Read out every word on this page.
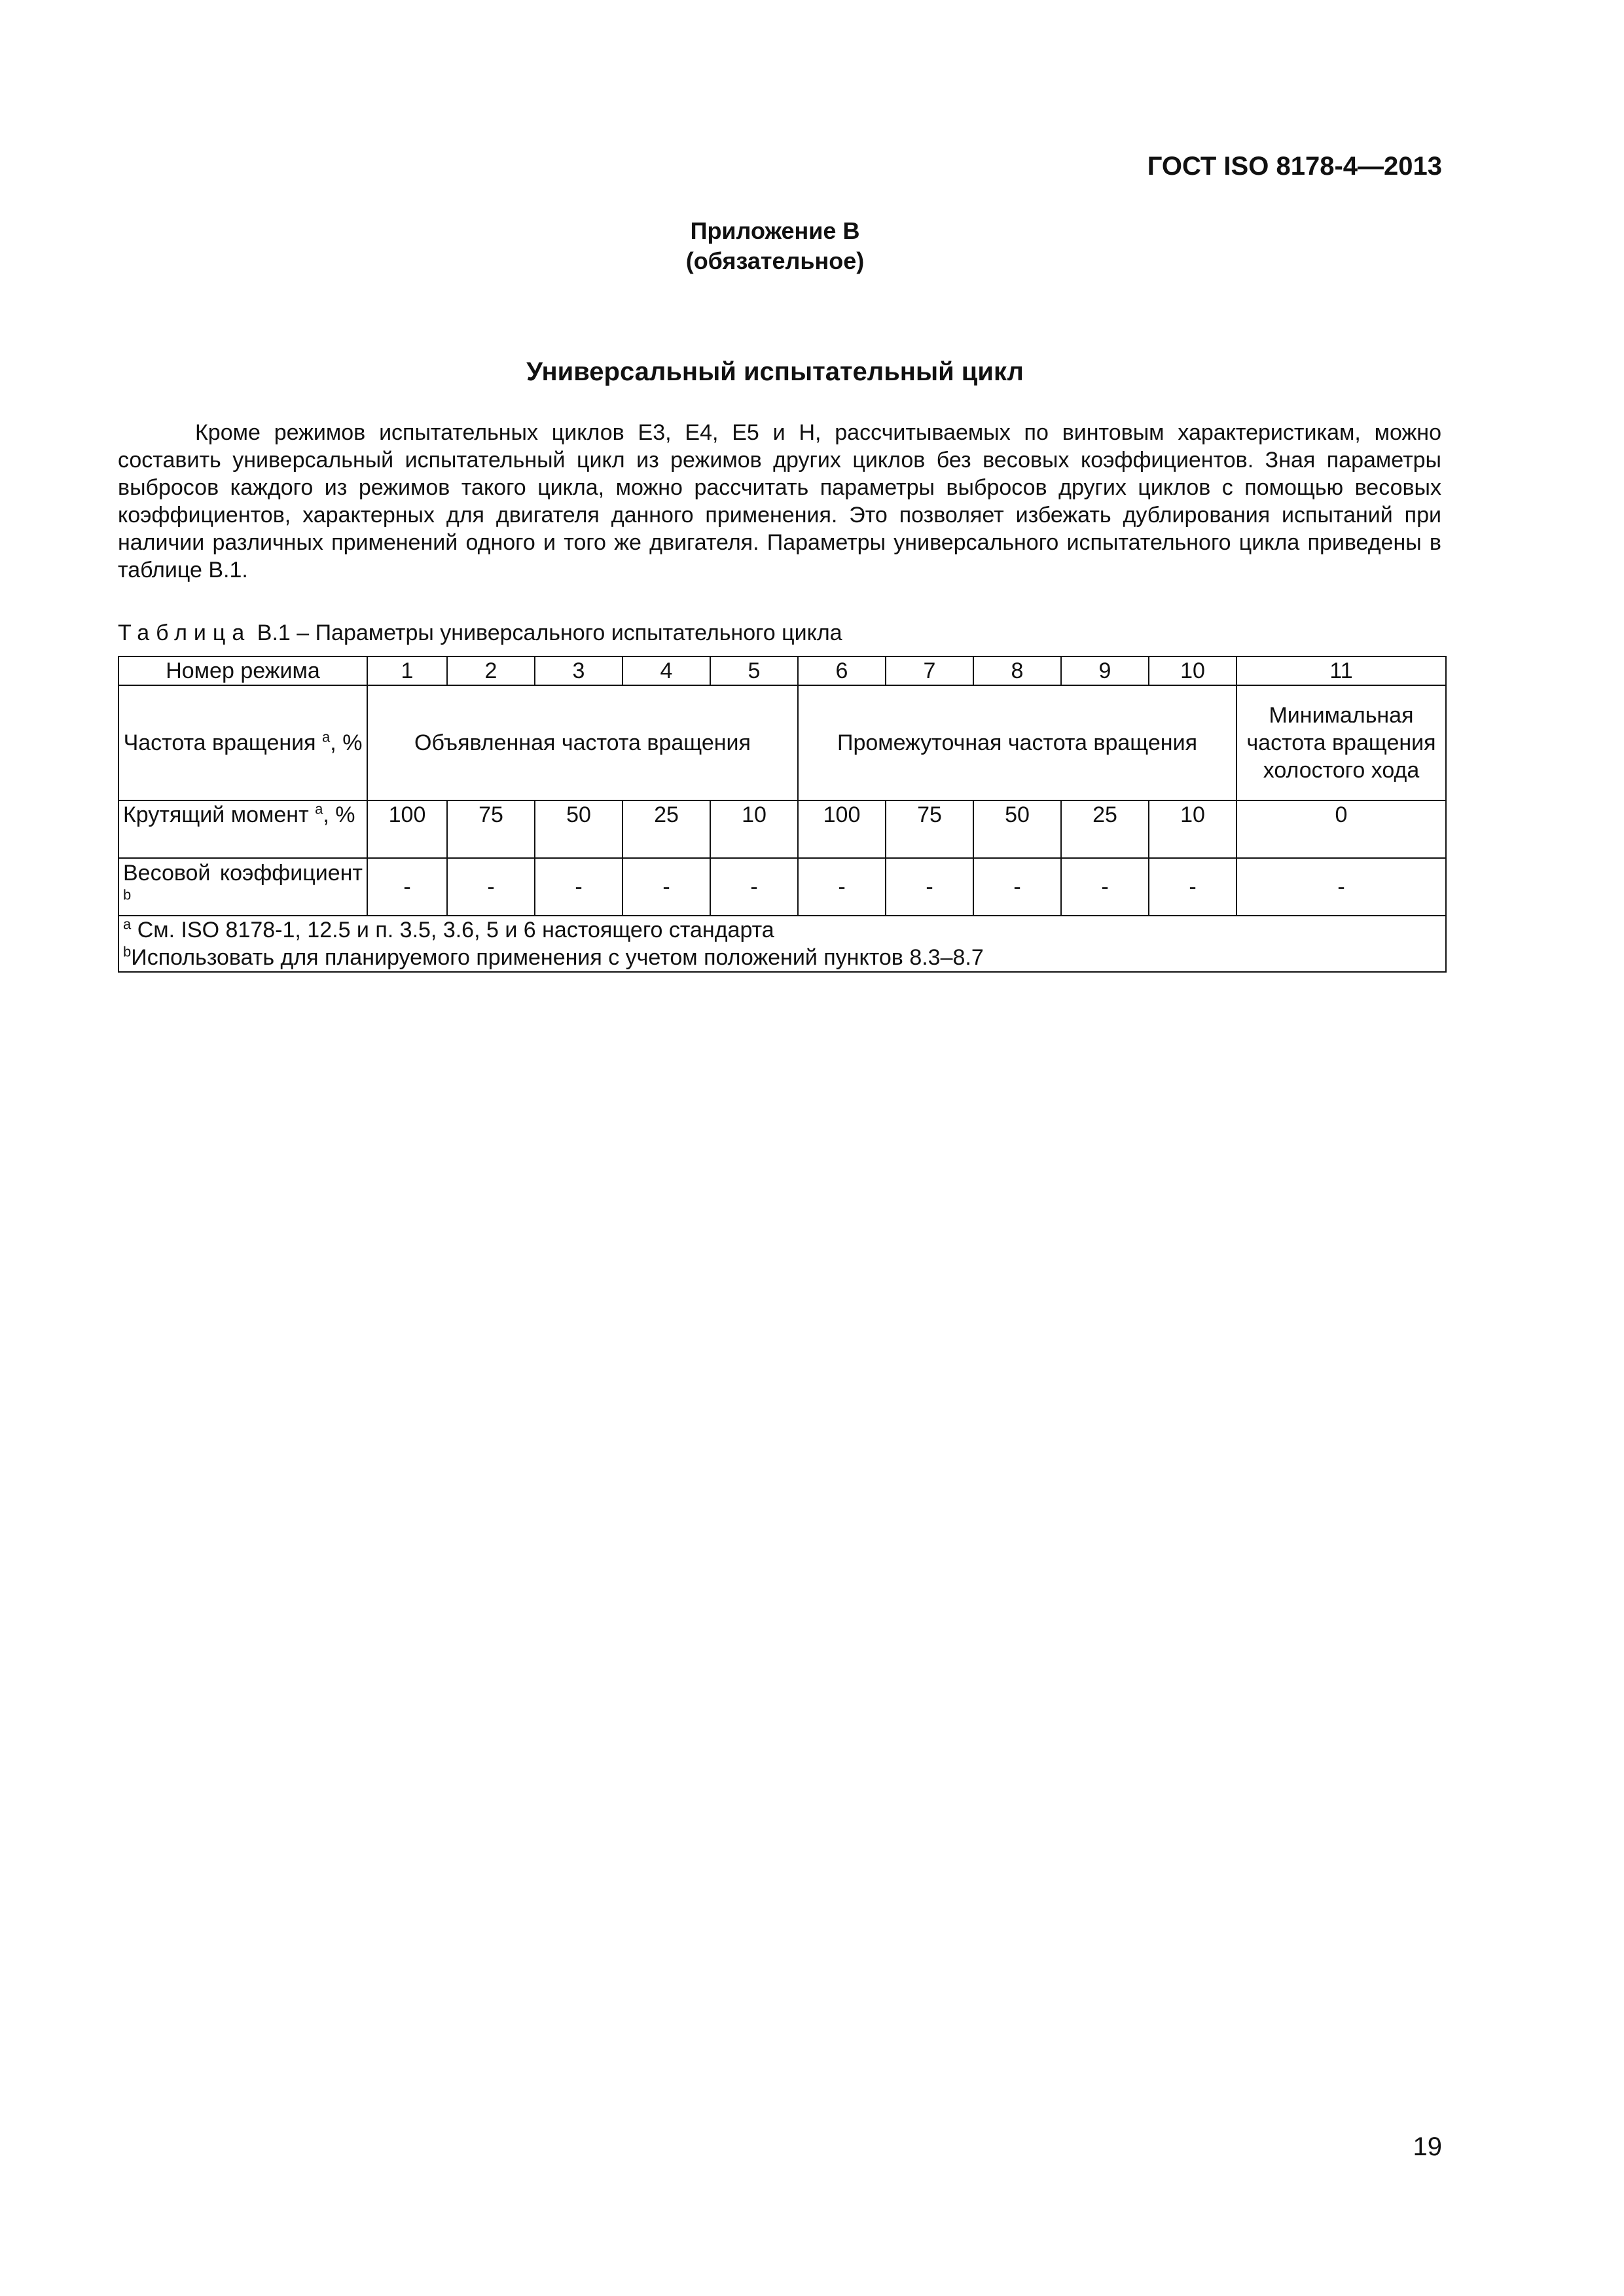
ГОСТ ISO 8178-4—2013
Приложение В
(обязательное)
Универсальный испытательный цикл

Кроме режимов испытательных циклов Е3, Е4, Е5 и Н, рассчитываемых по винтовым характеристикам, можно составить универсальный испытательный цикл из режимов других циклов без весовых коэффициентов. Зная параметры выбросов каждого из режимов такого цикла, можно рассчитать параметры выбросов других циклов с помощью весовых коэффициентов, характерных для двигателя данного применения. Это позволяет избежать дублирования испытаний при наличии различных применений одного и того же двигателя. Параметры универсального испытательного цикла приведены в таблице В.1.

Таблица В.1 – Параметры универсального испытательного цикла
Номер режима	1	2	3	4	5	6	7	8	9	10	11
Частота вращения $^a$, %	Объявленная частота вращения					Промежуточная частота вращения					Минимальная частота вращения холостого хода
Крутящий момент $^a$, %	100	75	50	25	10	100	75	50	25	10	0
Весовой коэффициент $^b$	-	-	-	-	-	-	-	-	-	-	-

$^a$ См. ISO 8178-1, 12.5 и п. 3.5, 3.6, 5 и 6 настоящего стандарта
$^b$Использовать для планируемого применения с учетом положений пунктов 8.3–8.7											
19
